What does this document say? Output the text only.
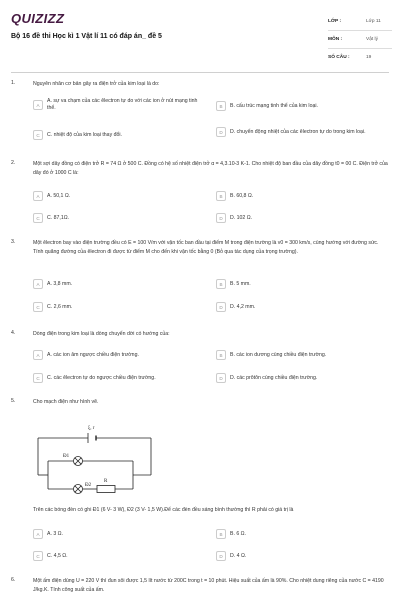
QUIZIZZ
Bộ 16 đề thi Học kì 1 Vật lí 11 có đáp án_ đề 5
LỚP :	Lớp 11
MÔN :	Vật lý
SỐ CÂU :	19
1.	Nguyên nhân cơ bản gây ra điện trở của kim loại là do:
A
A. sự va chạm của các êlectron tự do với các ion ở nút mạng tinh thể.	B	B. cấu trúc mạng tinh thể của kim loại.
C	C. nhiệt độ của kim loại thay đổi.	D	D. chuyển động nhiệt của các êlectron tự do trong kim loại.
2.	Một sợi dây đồng có điện trở R = 74 Ω ở 500 C. Đồng có hệ số nhiệt điện trở α = 4,3.10-3 K-1. Cho nhiệt độ ban đầu của dây đồng t0 = 00 C. Điện trở của dây đó ở 1000 C là:
A	A. 50,1 Ω.	B	B. 60,8 Ω.
C	C. 87,1Ω.	D	D. 102 Ω.
3.	Một êlectron bay vào điện trường đều có E = 100 V/m với vận tốc ban đầu tại điểm M trong điện trường là v0 = 300 km/s, cùng hướng với đường sức. Tính quãng đường của êlectron đi được từ điểm M cho đến khi vận tốc bằng 0 (Bỏ qua tác dụng của trọng trường).
A	A. 3,8 mm.	B	B. 5 mm.
C	C. 2,6 mm.	D	D. 4,2 mm.
4.	Dòng điện trong kim loại là dòng chuyển dời có hướng của:
A	A. các ion âm ngược chiều điện trường.	B	B. các ion dương cùng chiều điện trường.
C	C. các êlectron tự do ngược chiều điện trường.	D	D. các prôtôn cùng chiều điện trường.
5.	Cho mạch điện như hình vẽ.
Trên các bóng đèn có ghi Đ1 (6 V- 3 W), Đ2 (3 V- 1,5 W).Để các đèn đều sáng bình thường thì R phải có giá trị là
A	A. 3 Ω.	B	B. 6 Ω.
C	C. 4,5 Ω.	D	D. 4 Ω.
ξ, r
Đ1
Đ2
R
6.	Một ấm điện dùng U = 220 V thì đun sôi được 1,5 lít nước từ 200C trong t = 10 phút. Hiệu suất của ấm là 90%. Cho nhiệt dung riêng của nước C = 4190 J/kg.K. Tính công suất của ấm.
